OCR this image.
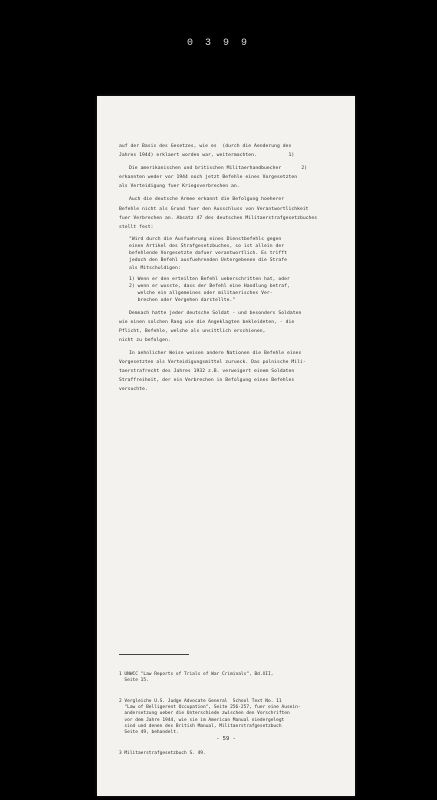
0 3 9 9

auf der Basis des Gesetzes, wie es  (durch die Aenderung des
Jahres 1944) erklaert worden war, weitermachten.           1)

Die amerikanischen und britischen Militaerhandbuecher       2)
erkannten weder vor 1944 noch jetzt Befehle eines Vorgesetzten
als Verteidigung fuer Kriegsverbrechen an.

Auch die deutsche Armee erkannt die Befolgung hoeherer
Befehle nicht als Grund fuer den Ausschluss von Verantwortlichkeit
fuer Verbrechen an. Absatz 47 des deutschen Militaerstrafgesetzbuches
stellt fest:

"Wird durch die Ausfuehrung eines Dienstbefehls gegen
einen Artikel des Strafgesetzbuches, so ist allein der
befehlende Vorgesetzte dafuer verantwortlich. Es trifft
jedoch den Befehl ausfuehrenden Untergebenen die Strafe
als Mitschuldigen:

1) Wenn er den erteilten Befehl ueberschritten hat, oder
2) wenn er wusste, dass der Befehl eine Handlung betraf,
welche ein allgemeines oder militaerisches Ver-
brechen oder Vergehen darstellte."

Demnach hatte jeder deutsche Soldat - und besonders Soldaten
wie einen solchen Rang wie die Angeklagten bekleideten, - die
Pflicht, Befehle, welche als unsittlich erschienen,
nicht zu befolgen.

In aehnlicher Weise weisen andere Nationen die Befehle eines
Vorgesetzten als Verteidigungsmittel zurueck. Das polnische Mili-
taerstrafrecht des Jahres 1932 z.B. verweigert einem Soldaten
Straffreiheit, der ein Verbrechen in Befolgung eines Befehles
versuchte.

1 UNWCC "Law Reports of Trials of War Criminals", Bd.XII,
Seite 15.

2 Vergleiche U.S. Judge Advocate General  School Text No. 11
"Law of Belligerent Occupation", Seite 256-257, fuer eine Ausein-
andersetzung ueber die Unterschiede zwischen den Vorschriften
vor dem Jahre 1944, wie sie im American Manual niedergelegt
sind und denen des British Manual, Militaerstrafgesetzbuch
Seite 49, behandelt.

3 Militaerstrafgesetzbuch S. 49.

- 59 -
